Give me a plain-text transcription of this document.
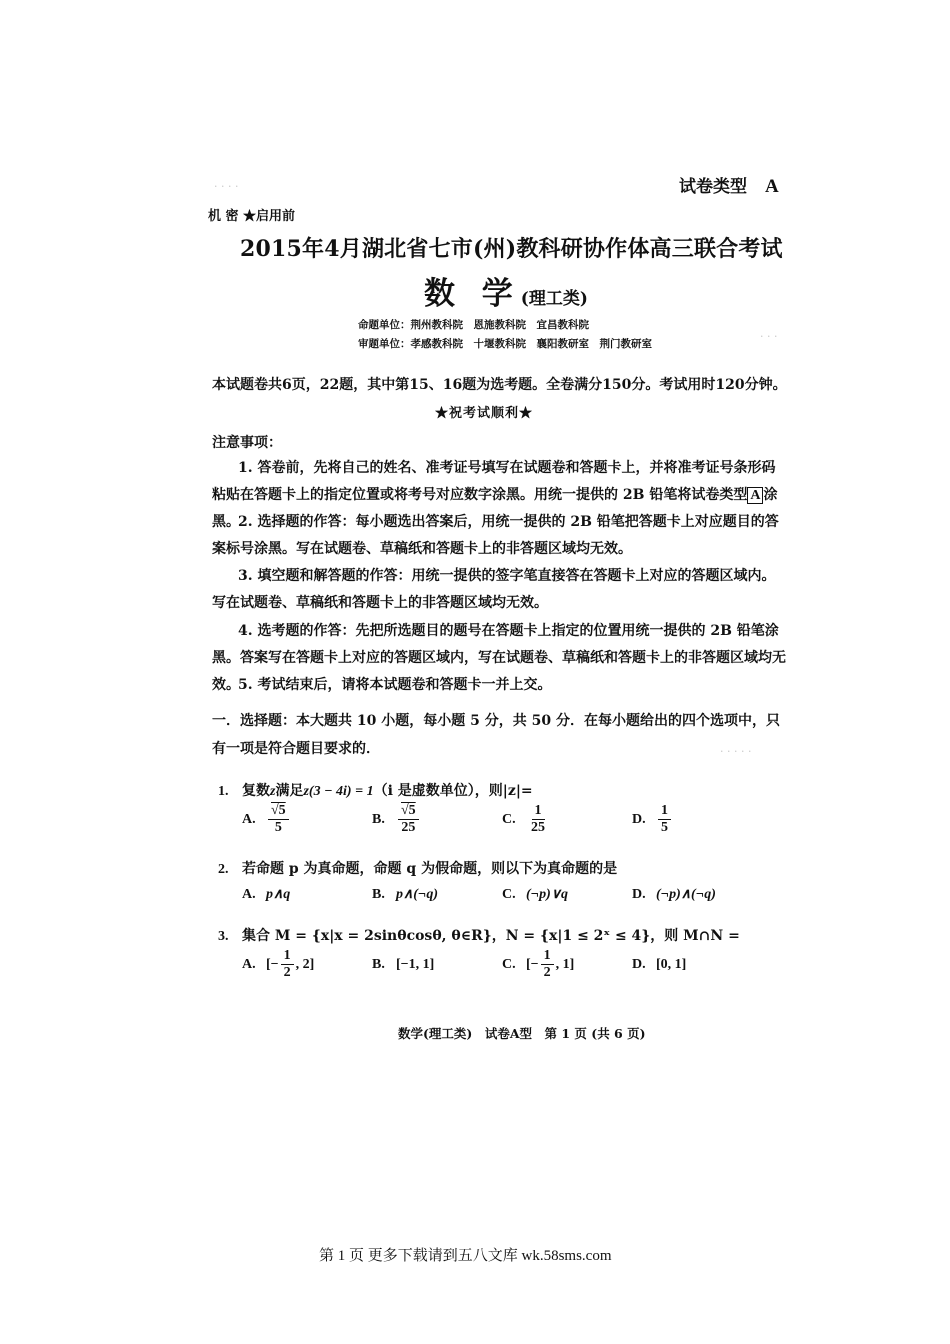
· · · ·
· · ·
· · · · ·
试卷类型 A
机 密 ★启用前
2015年4月湖北省七市(州)教科研协作体高三联合考试
数 学(理工类)
命题单位：荆州教科院　恩施教科院　宜昌教科院
审题单位：孝感教科院　十堰教科院　襄阳教研室　荆门教研室
本试题卷共6页，22题，其中第15、16题为选考题。全卷满分150分。考试用时120分钟。
★祝考试顺利★
注意事项：
1. 答卷前，先将自己的姓名、准考证号填写在试题卷和答题卡上，并将准考证号条形码粘贴在答题卡上的指定位置或将考号对应数字涂黑。用统一提供的 2B 铅笔将试卷类型 A 涂黑。
2. 选择题的作答：每小题选出答案后，用统一提供的 2B 铅笔把答题卡上对应题目的答案标号涂黑。写在试题卷、草稿纸和答题卡上的非答题区域均无效。
3. 填空题和解答题的作答：用统一提供的签字笔直接答在答题卡上对应的答题区域内。写在试题卷、草稿纸和答题卡上的非答题区域均无效。
4. 选考题的作答：先把所选题目的题号在答题卡上指定的位置用统一提供的 2B 铅笔涂黑。答案写在答题卡上对应的答题区域内，写在试题卷、草稿纸和答题卡上的非答题区域均无效。
5. 考试结束后，请将本试题卷和答题卡一并上交。
一．选择题：本大题共 10 小题，每小题 5 分，共 50 分．在每小题给出的四个选项中，只有一项是符合题目要求的．
1. 复数z满足z(3 − 4i) = 1（i 是虚数单位），则|z|=
A. $\frac{√5}{5}$	B. $\frac{√5}{25}$	C. $\frac{1}{25}$	D. $\frac{1}{5}$
2. 若命题 p 为真命题，命题 q 为假命题，则以下为真命题的是
A. p∧q	B. p∧(¬q)	C. (¬p)∨q	D. (¬p)∧(¬q)
3. 集合 M = {x|x = 2sinθcosθ, θ∈R}，N = {x|1 ≤ 2ˣ ≤ 4}，则 M∩N =
A. [− $\frac{1}{2}$ , 2]	B. [−1, 1]	C. [− $\frac{1}{2}$ , 1]	D. [0, 1]
数学(理工类)　试卷A型　第 1 页 (共 6 页)
第 1 页 更多下载请到五八文库 wk.58sms.com
